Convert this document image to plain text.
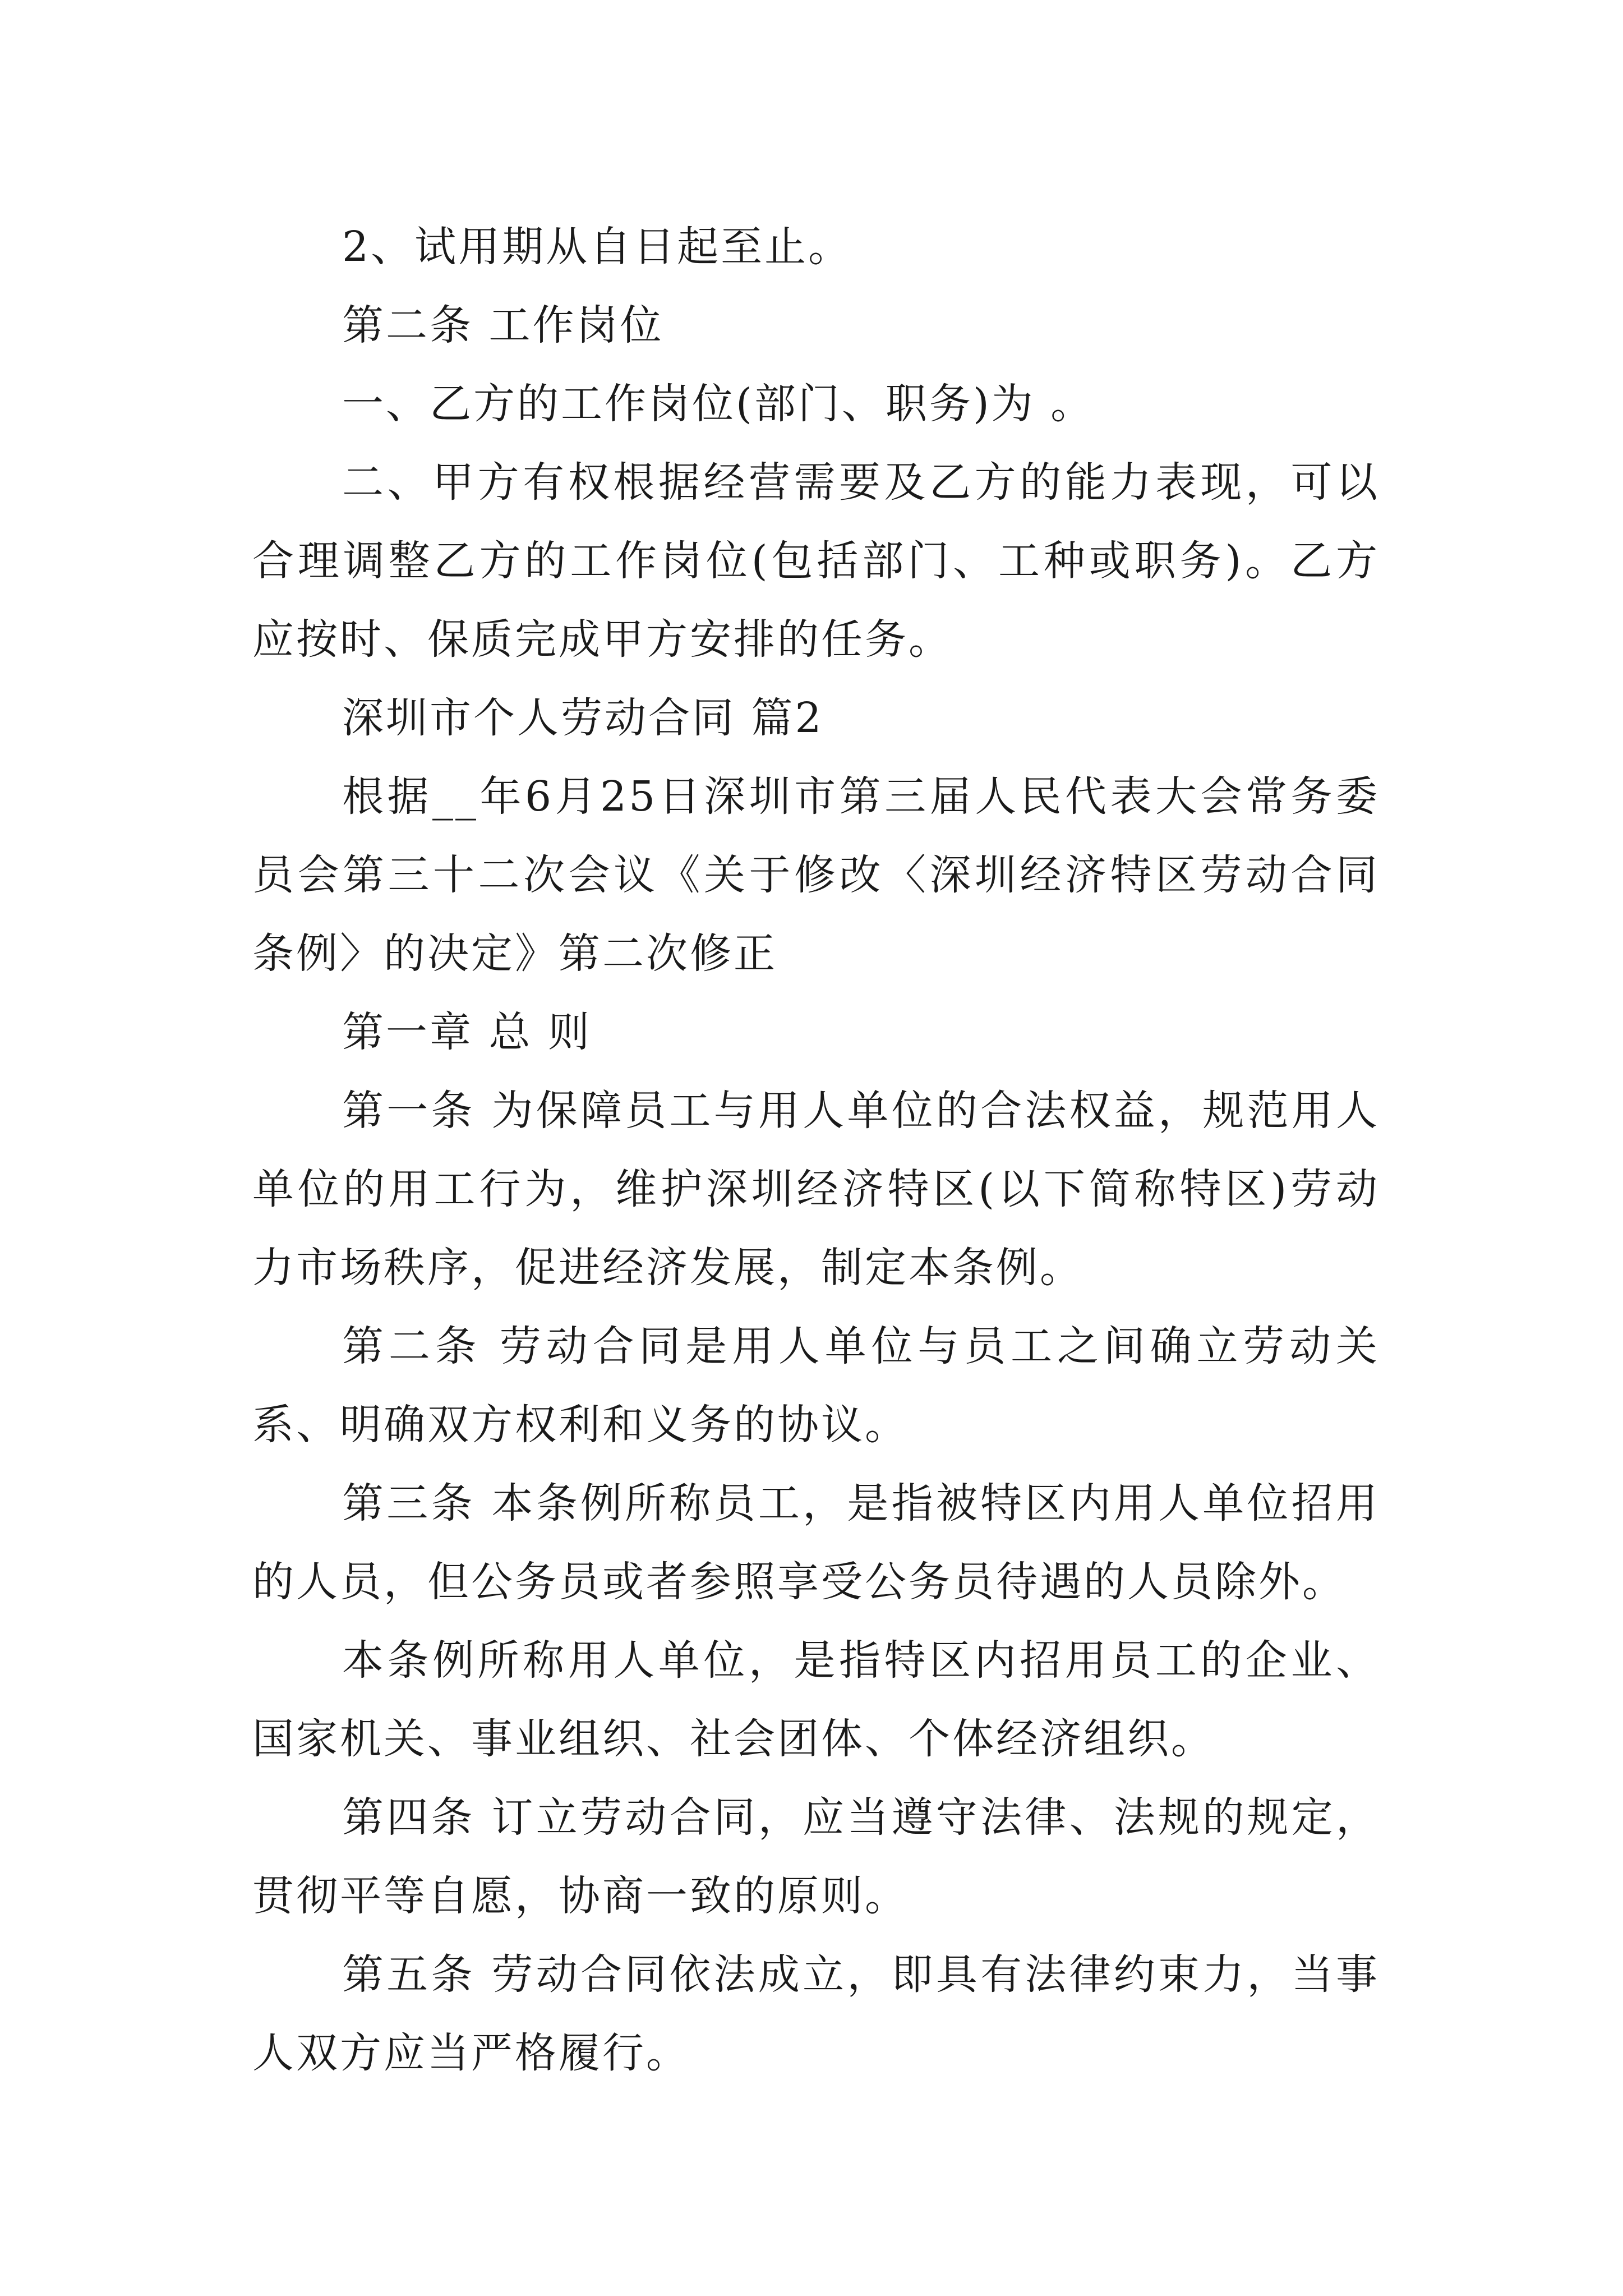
2、试用期从自日起至止。

第二条 工作岗位

一、乙方的工作岗位(部门、职务)为 。

二、甲方有权根据经营需要及乙方的能力表现，可以合理调整乙方的工作岗位(包括部门、工种或职务)。乙方应按时、保质完成甲方安排的任务。

深圳市个人劳动合同 篇2

根据__年6月25日深圳市第三届人民代表大会常务委员会第三十二次会议《关于修改〈深圳经济特区劳动合同条例〉的决定》第二次修正

第一章 总 则

第一条 为保障员工与用人单位的合法权益，规范用人单位的用工行为，维护深圳经济特区(以下简称特区)劳动力市场秩序，促进经济发展，制定本条例。

第二条 劳动合同是用人单位与员工之间确立劳动关系、明确双方权利和义务的协议。

第三条 本条例所称员工，是指被特区内用人单位招用的人员，但公务员或者参照享受公务员待遇的人员除外。

本条例所称用人单位，是指特区内招用员工的企业、国家机关、事业组织、社会团体、个体经济组织。

第四条 订立劳动合同，应当遵守法律、法规的规定，贯彻平等自愿，协商一致的原则。

第五条 劳动合同依法成立，即具有法律约束力，当事人双方应当严格履行。
